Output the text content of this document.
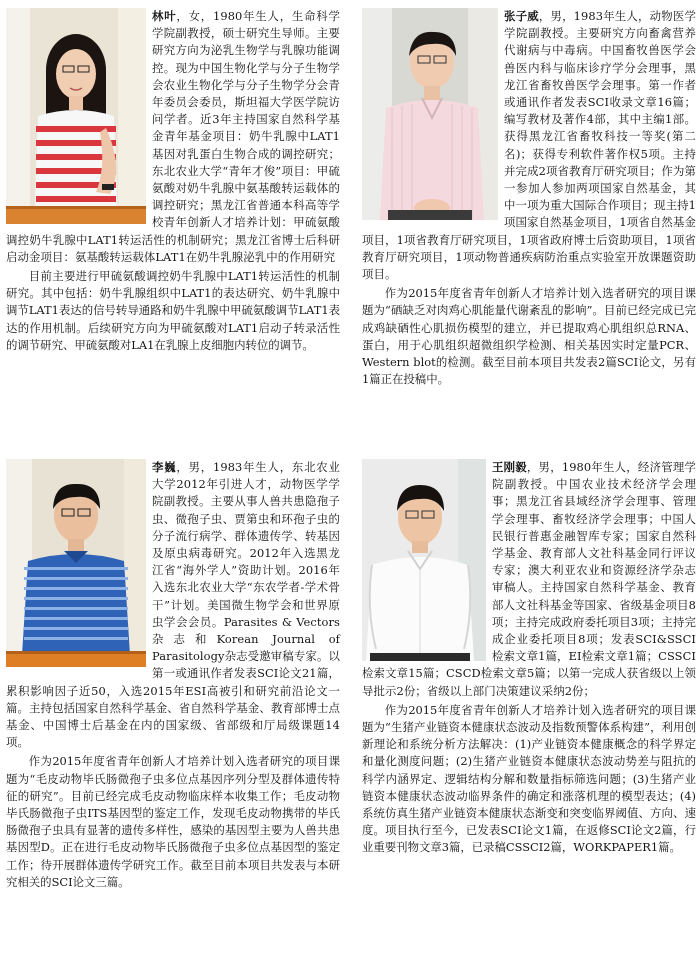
林叶，女，1980年生人，生命科学学院副教授，硕士研究生导师。主要研究方向为泌乳生物学与乳腺功能调控。现为中国生物化学与分子生物学会农业生物化学与分子生物学分会青年委员会委员，斯坦福大学医学院访问学者。近3年主持国家自然科学基金青年基金项目：奶牛乳腺中LAT1基因对乳蛋白生物合成的调控研究；东北农业大学“青年才俊”项目：甲硫氨酸对奶牛乳腺中氨基酸转运载体的调控研究；黑龙江省普通本科高等学校青年创新人才培养计划：甲硫氨酸调控奶牛乳腺中LAT1转运活性的机制研究；黑龙江省博士后科研启动金项目：氨基酸转运载体LAT1在奶牛乳腺泌乳中的作用研究

目前主要进行甲硫氨酸调控奶牛乳腺中LAT1转运活性的机制研究。其中包括：奶牛乳腺组织中LAT1的表达研究、奶牛乳腺中调节LAT1表达的信号转导通路和奶牛乳腺中甲硫氨酸调节LAT1表达的作用机制。后续研究方向为甲硫氨酸对LAT1启动子转录活性的调节研究、甲硫氨酸对LA1在乳腺上皮细胞内转位的调节。

张子威，男，1983年生人，动物医学学院副教授。主要研究方向畜禽营养代谢病与中毒病。中国畜牧兽医学会兽医内科与临床诊疗学分会理事，黑龙江省畜牧兽医学会理事。第一作者或通讯作者发表SCI收录文章16篇；编写教材及著作4部，其中主编1部。获得黑龙江省畜牧科技一等奖(第二名)；获得专利软件著作权5项。主持并完成2项省教育厅研究项目；作为第一参加人参加两项国家自然基金，其中一项为重大国际合作项目；现主持1项国家自然基金项目，1项省自然基金项目，1项省教育厅研究项目，1项省政府博士后资助项目，1项省教育厅研究项目，1项动物普通疾病防治重点实验室开放课题资助项目。

作为2015年度省青年创新人才培养计划入选者研究的项目课题为“硒缺乏对肉鸡心肌能量代谢紊乱的影响”。目前已经完成已完成鸡缺硒性心肌损伤模型的建立，并已提取鸡心肌组织总RNA、蛋白，用于心肌组织超微组织学检测、相关基因实时定量PCR、Western blot的检测。截至目前本项目共发表2篇SCI论文，另有1篇正在投稿中。

李巍，男，1983年生人，东北农业大学2012年引进人才，动物医学学院副教授。主要从事人兽共患隐孢子虫、微孢子虫、贾第虫和环孢子虫的分子流行病学、群体遗传学、转基因及原虫病毒研究。2012年入选黑龙江省“海外学人”资助计划。2016年入选东北农业大学“东农学者-学术骨干”计划。美国微生物学会和世界原虫学会会员。Parasites & Vectors杂志和Korean Journal of Parasitology杂志受邀审稿专家。以第一或通讯作者发表SCI论文21篇，累积影响因子近50，入选2015年ESI高被引和研究前沿论文一篇。主持包括国家自然科学基金、省自然科学基金、教育部博士点基金、中国博士后基金在内的国家级、省部级和厅局级课题14项。

作为2015年度省青年创新人才培养计划入选者研究的项目课题为“毛皮动物毕氏肠微孢子虫多位点基因序列分型及群体遗传特征的研究”。目前已经完成毛皮动物临床样本收集工作；毛皮动物毕氏肠微孢子虫ITS基因型的鉴定工作，发现毛皮动物携带的毕氏肠微孢子虫具有显著的遗传多样性，感染的基因型主要为人兽共患基因型D。正在进行毛皮动物毕氏肠微孢子虫多位点基因型的鉴定工作；待开展群体遗传学研究工作。截至目前本项目共发表与本研究相关的SCI论文三篇。

王刚毅，男，1980年生人，经济管理学院副教授。中国农业技术经济学会理事；黑龙江省县域经济学会理事、管理学会理事、畜牧经济学会理事；中国人民银行普惠金融智库专家；国家自然科学基金、教育部人文社科基金同行评议专家；澳大利亚农业和资源经济学杂志审稿人。主持国家自然科学基金、教育部人文社科基金等国家、省级基金项目8项；主持完成政府委托项目3项；主持完成企业委托项目8项；发表SCI&SSCI检索文章1篇，EI检索文章1篇；CSSCI检索文章15篇；CSCD检索文章5篇；以第一完成人获省级以上领导批示2份；省级以上部门决策建议采纳2份；

作为2015年度省青年创新人才培养计划入选者研究的项目课题为“生猪产业链资本健康状态波动及指数预警体系构建”，利用创新理论和系统分析方法解决：(1)产业链资本健康概念的科学界定和量化测度问题；(2)生猪产业链资本健康状态波动势差与阻抗的科学内涵界定、逻辑结构分解和数量指标筛选问题；(3)生猪产业链资本健康状态波动临界条件的确定和涨落机理的模型表达；(4)系统仿真生猪产业链资本健康状态渐变和突变临界阈值、方向、速度。项目执行至今，已发表SCI论文1篇，在返修SCI论文2篇，行业重要刊物文章3篇，已录稿CSSCI2篇，WORKPAPER1篇。
